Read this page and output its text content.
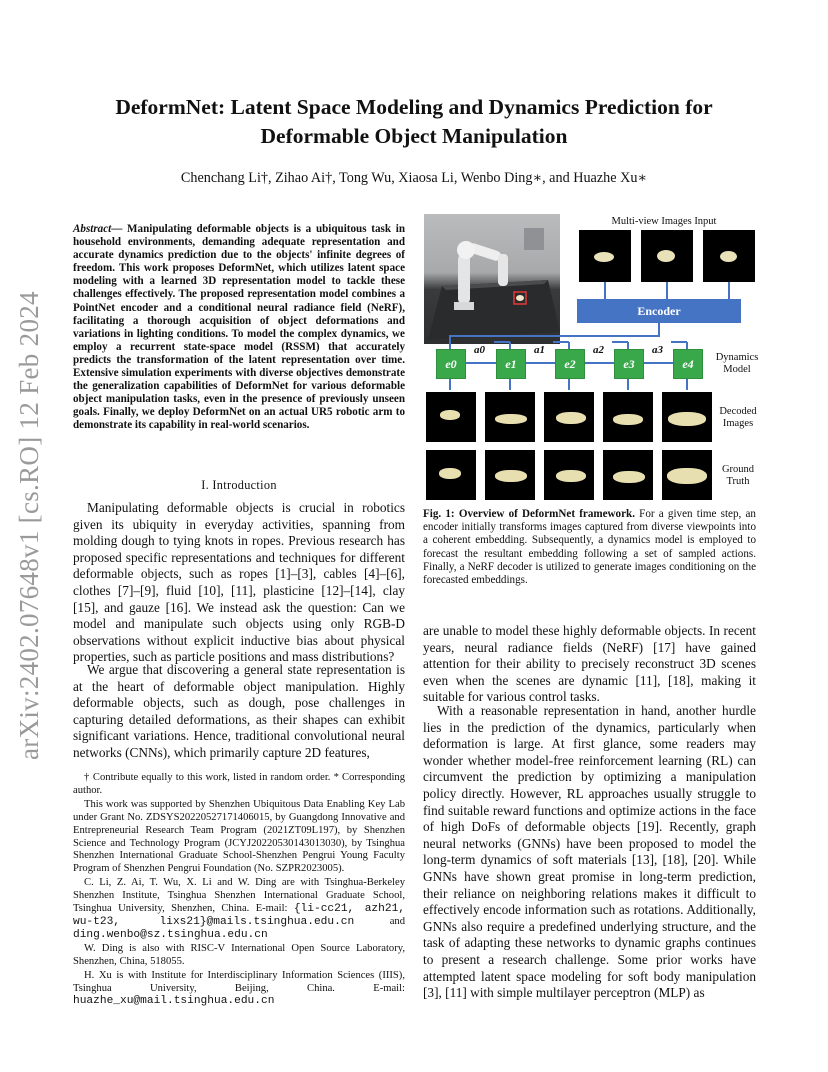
arXiv:2402.07648v1 [cs.RO] 12 Feb 2024
DeformNet: Latent Space Modeling and Dynamics Prediction for Deformable Object Manipulation
Chenchang Li†, Zihao Ai†, Tong Wu, Xiaosa Li, Wenbo Ding∗, and Huazhe Xu∗
Abstract— Manipulating deformable objects is a ubiquitous task in household environments, demanding adequate representation and accurate dynamics prediction due to the objects' infinite degrees of freedom. This work proposes DeformNet, which utilizes latent space modeling with a learned 3D representation model to tackle these challenges effectively. The proposed representation model combines a PointNet encoder and a conditional neural radiance field (NeRF), facilitating a thorough acquisition of object deformations and variations in lighting conditions. To model the complex dynamics, we employ a recurrent state-space model (RSSM) that accurately predicts the transformation of the latent representation over time. Extensive simulation experiments with diverse objectives demonstrate the generalization capabilities of DeformNet for various deformable object manipulation tasks, even in the presence of previously unseen goals. Finally, we deploy DeformNet on an actual UR5 robotic arm to demonstrate its capability in real-world scenarios.
I. Introduction

Manipulating deformable objects is crucial in robotics given its ubiquity in everyday activities, spanning from molding dough to tying knots in ropes. Previous research has proposed specific representations and techniques for different deformable objects, such as ropes [1]–[3], cables [4]–[6], clothes [7]–[9], fluid [10], [11], plasticine [12]–[14], clay [15], and gauze [16]. We instead ask the question: Can we model and manipulate such objects using only RGB-D observations without explicit inductive bias about physical properties, such as particle positions and mass distributions?

We argue that discovering a general state representation is at the heart of deformable object manipulation. Highly deformable objects, such as dough, pose challenges in capturing detailed deformations, as their shapes can exhibit significant variations. Hence, traditional convolutional neural networks (CNNs), which primarily capture 2D features,

† Contribute equally to this work, listed in random order. * Corresponding author.

This work was supported by Shenzhen Ubiquitous Data Enabling Key Lab under Grant No. ZDSYS20220527171406015, by Guangdong Innovative and Entrepreneurial Research Team Program (2021ZT09L197), by Shenzhen Science and Technology Program (JCYJ20220530143013030), by Tsinghua Shenzhen International Graduate School-Shenzhen Pengrui Young Faculty Program of Shenzhen Pengrui Foundation (No. SZPR2023005).

C. Li, Z. Ai, T. Wu, X. Li and W. Ding are with Tsinghua-Berkeley Shenzhen Institute, Tsinghua Shenzhen International Graduate School, Tsinghua University, Shenzhen, China. E-mail: {li-cc21, azh21, wu-t23, lixs21}@mails.tsinghua.edu.cn and ding.wenbo@sz.tsinghua.edu.cn

W. Ding is also with RISC-V International Open Source Laboratory, Shenzhen, China, 518055.

H. Xu is with Institute for Interdisciplinary Information Sciences (IIIS), Tsinghua University, Beijing, China. E-mail: huazhe_xu@mail.tsinghua.edu.cn

Multi-view Images Input
Encoder
a0	a1	a2	a3
e0	e1	e2	e3	e4	Dynamics Model
Decoded Images
Ground Truth
Fig. 1: Overview of DeformNet framework. For a given time step, an encoder initially transforms images captured from diverse viewpoints into a coherent embedding. Subsequently, a dynamics model is employed to forecast the resultant embedding following a set of sampled actions. Finally, a NeRF decoder is utilized to generate images conditioning on the forecasted embeddings.

are unable to model these highly deformable objects. In recent years, neural radiance fields (NeRF) [17] have gained attention for their ability to precisely reconstruct 3D scenes even when the scenes are dynamic [11], [18], making it suitable for various control tasks.

With a reasonable representation in hand, another hurdle lies in the prediction of the dynamics, particularly when deformation is large. At first glance, some readers may wonder whether model-free reinforcement learning (RL) can circumvent the prediction by optimizing a manipulation policy directly. However, RL approaches usually struggle to find suitable reward functions and optimize actions in the face of high DoFs of deformable objects [19]. Recently, graph neural networks (GNNs) have been proposed to model the long-term dynamics of soft materials [13], [18], [20]. While GNNs have shown great promise in long-term prediction, their reliance on neighboring relations makes it difficult to effectively encode information such as rotations. Additionally, GNNs also require a predefined underlying structure, and the task of adapting these networks to dynamic graphs continues to present a research challenge. Some prior works have attempted latent space modeling for soft body manipulation [3], [11] with simple multilayer perceptron (MLP) as
